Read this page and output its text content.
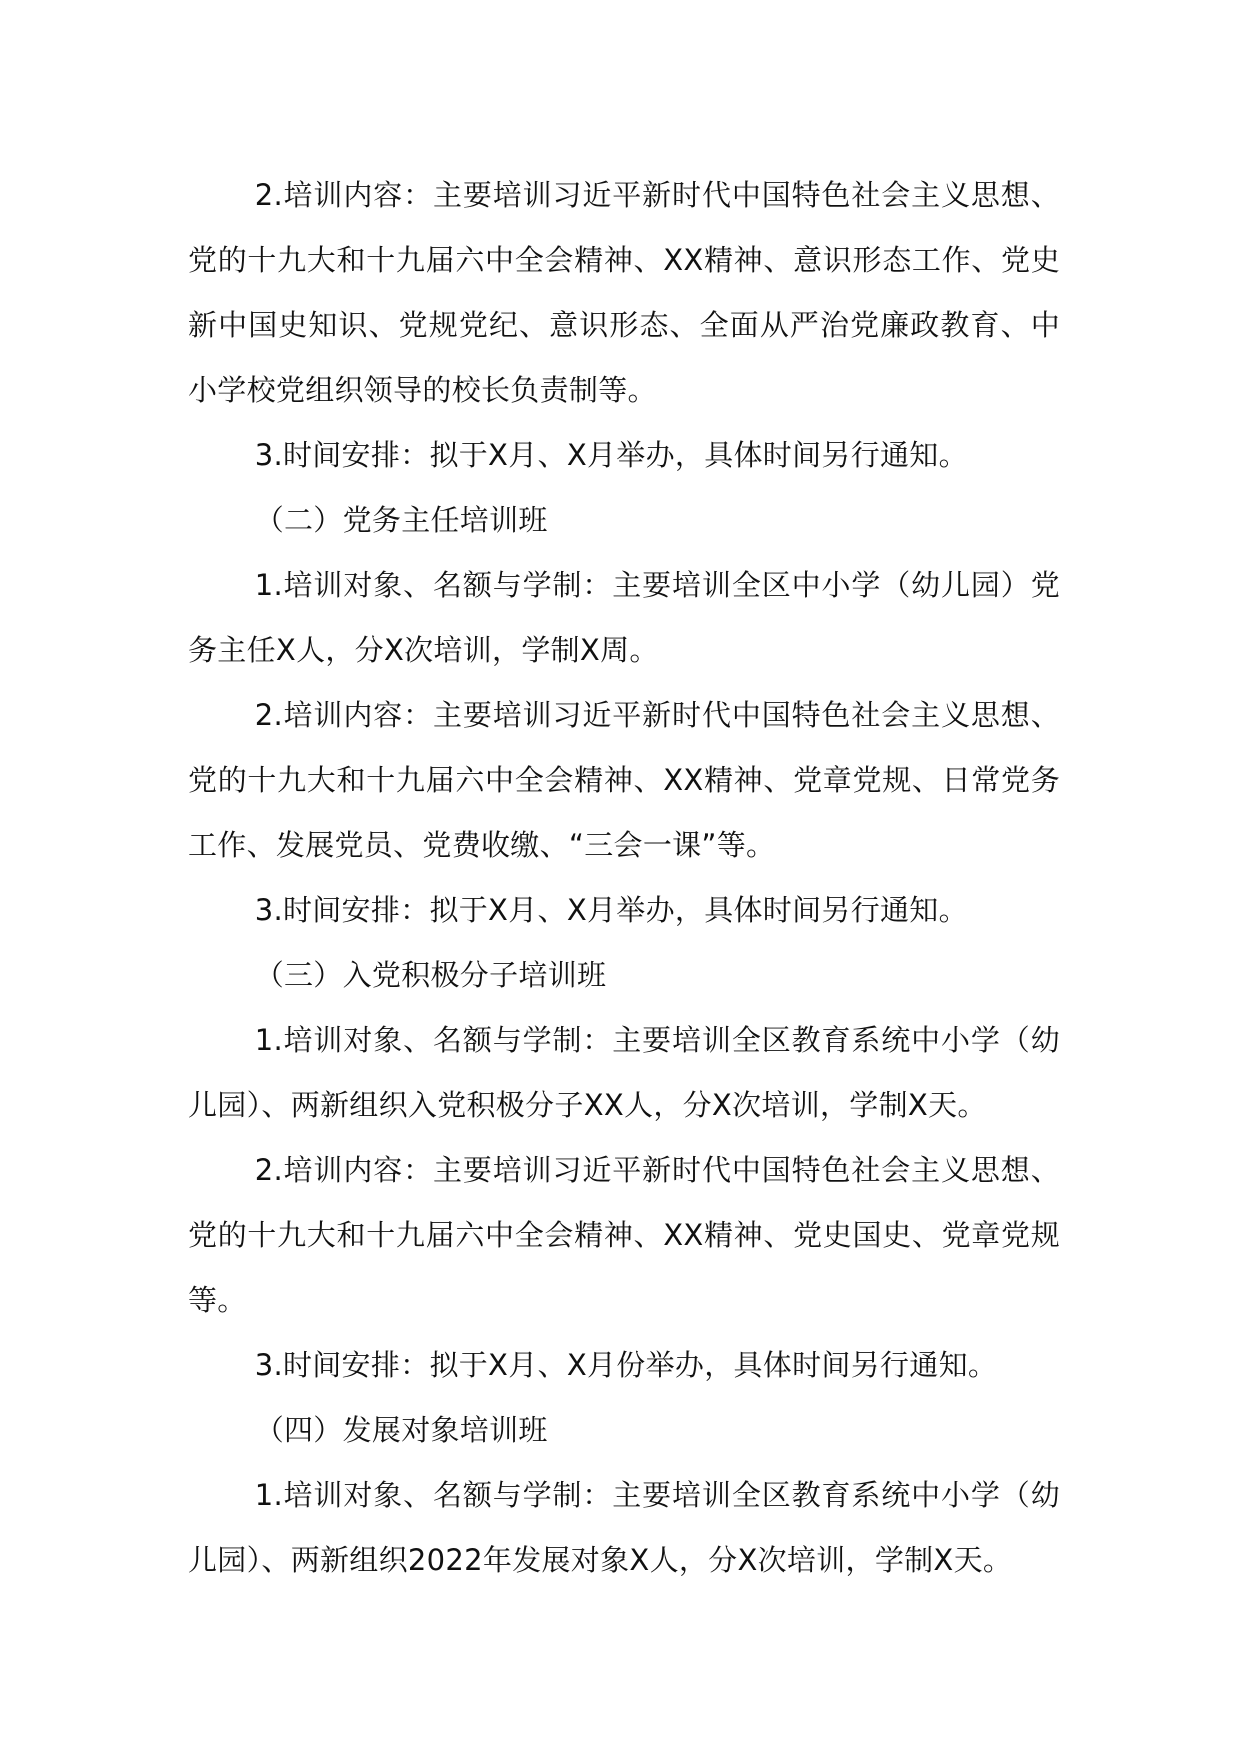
2.培训内容：主要培训习近平新时代中国特色社会主义思想、党的十九大和十九届六中全会精神、XX精神、意识形态工作、党史新中国史知识、党规党纪、意识形态、全面从严治党廉政教育、中小学校党组织领导的校长负责制等。

3.时间安排：拟于X月、X月举办，具体时间另行通知。

（二）党务主任培训班

1.培训对象、名额与学制：主要培训全区中小学（幼儿园）党务主任X人，分X次培训，学制X周。

2.培训内容：主要培训习近平新时代中国特色社会主义思想、党的十九大和十九届六中全会精神、XX精神、党章党规、日常党务工作、发展党员、党费收缴、“三会一课”等。

3.时间安排：拟于X月、X月举办，具体时间另行通知。

（三）入党积极分子培训班

1.培训对象、名额与学制：主要培训全区教育系统中小学（幼儿园）、两新组织入党积极分子XX人，分X次培训，学制X天。

2.培训内容：主要培训习近平新时代中国特色社会主义思想、党的十九大和十九届六中全会精神、XX精神、党史国史、党章党规等。

3.时间安排：拟于X月、X月份举办，具体时间另行通知。

（四）发展对象培训班

1.培训对象、名额与学制：主要培训全区教育系统中小学（幼儿园）、两新组织2022年发展对象X人，分X次培训，学制X天。
